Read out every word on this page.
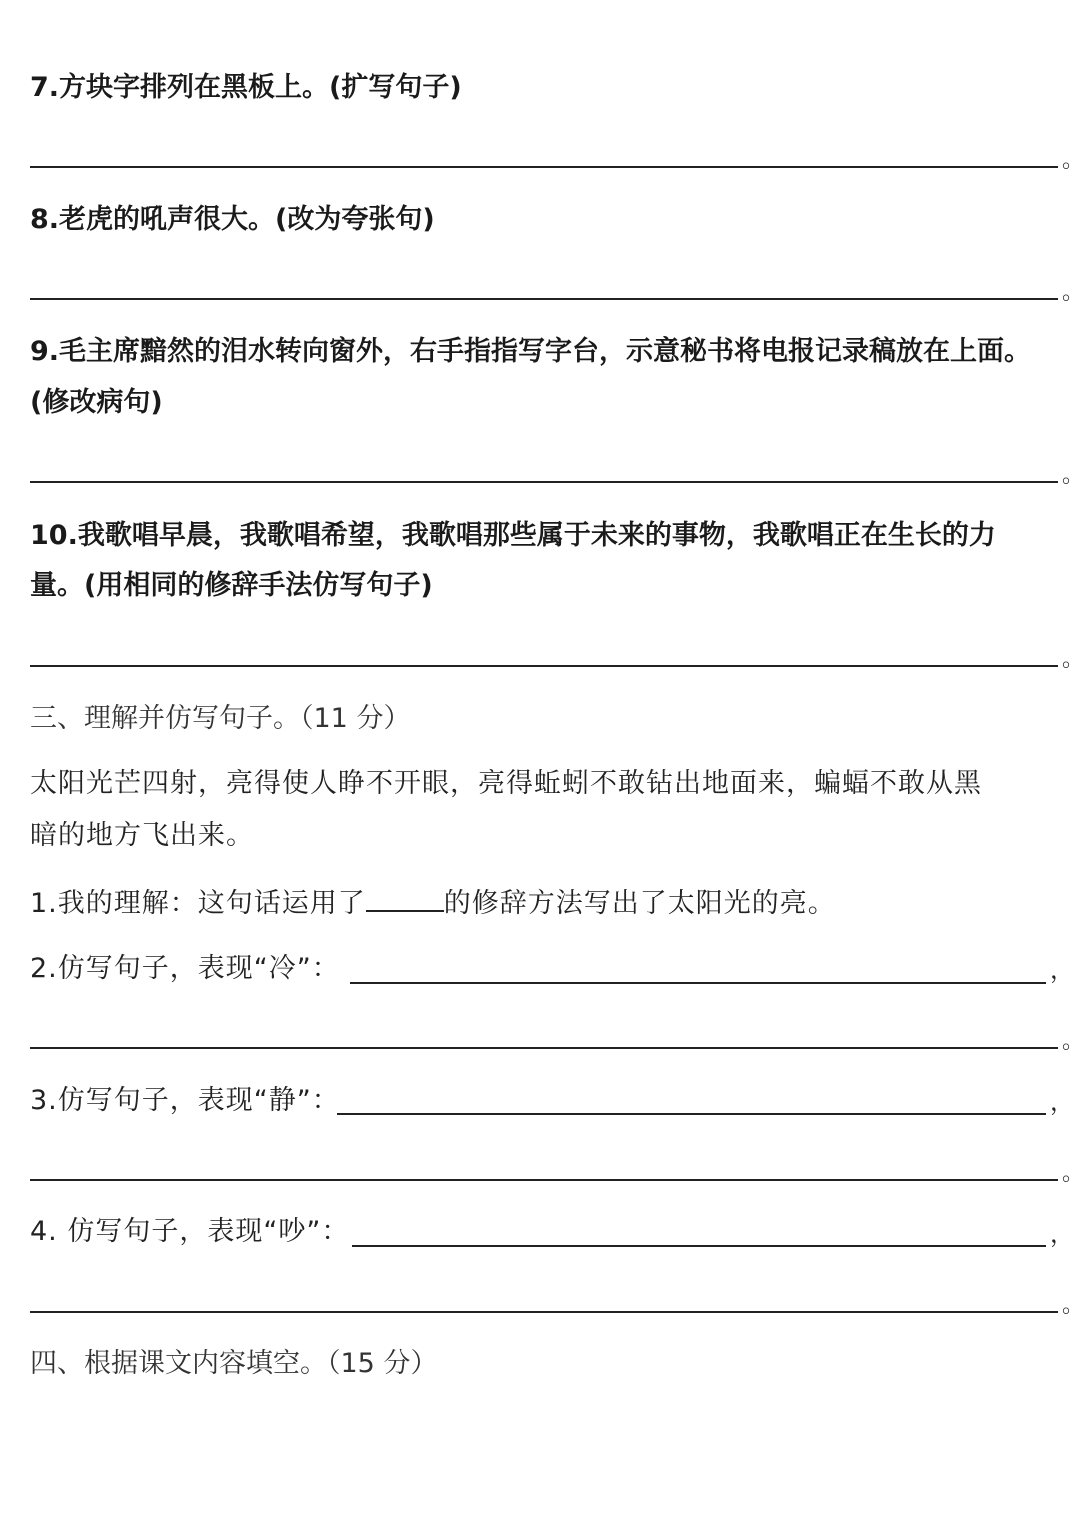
7.方块字排列在黑板上。(扩写句子)
。
8.老虎的吼声很大。(改为夸张句)
。
9.毛主席黯然的泪水转向窗外，右手指指写字台，示意秘书将电报记录稿放在上面。
(修改病句)
。
10.我歌唱早晨，我歌唱希望，我歌唱那些属于未来的事物，我歌唱正在生长的力
量。(用相同的修辞手法仿写句子)
。
三、理解并仿写句子。（11 分）
太阳光芒四射，亮得使人睁不开眼，亮得蚯蚓不敢钻出地面来，蝙蝠不敢从黑
暗的地方飞出来。
1.我的理解：这句话运用了	的修辞方法写出了太阳光的亮。
2.仿写句子，表现“冷”：	，
。
3.仿写句子，表现“静”：	，
。
4. 仿写句子，表现“吵”：	，
。
四、根据课文内容填空。（15 分）
